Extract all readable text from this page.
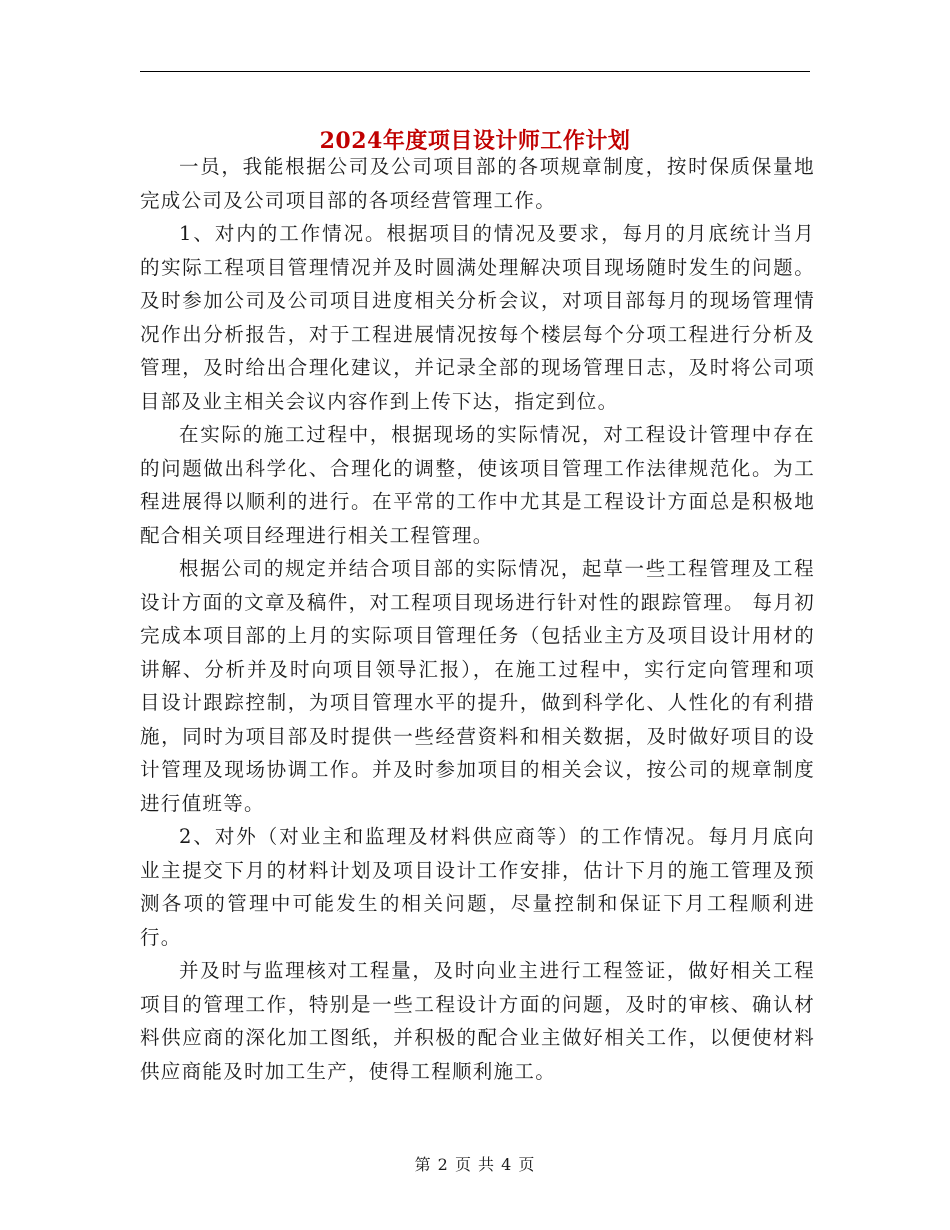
2024年度项目设计师工作计划

一员，我能根据公司及公司项目部的各项规章制度，按时保质保量地完成公司及公司项目部的各项经营管理工作。

1、对内的工作情况。根据项目的情况及要求，每月的月底统计当月的实际工程项目管理情况并及时圆满处理解决项目现场随时发生的问题。及时参加公司及公司项目进度相关分析会议，对项目部每月的现场管理情况作出分析报告，对于工程进展情况按每个楼层每个分项工程进行分析及管理，及时给出合理化建议，并记录全部的现场管理日志，及时将公司项目部及业主相关会议内容作到上传下达，指定到位。

在实际的施工过程中，根据现场的实际情况，对工程设计管理中存在的问题做出科学化、合理化的调整，使该项目管理工作法律规范化。为工程进展得以顺利的进行。在平常的工作中尤其是工程设计方面总是积极地配合相关项目经理进行相关工程管理。

根据公司的规定并结合项目部的实际情况，起草一些工程管理及工程设计方面的文章及稿件，对工程项目现场进行针对性的跟踪管理。 每月初完成本项目部的上月的实际项目管理任务（包括业主方及项目设计用材的讲解、分析并及时向项目领导汇报），在施工过程中，实行定向管理和项目设计跟踪控制，为项目管理水平的提升，做到科学化、人性化的有利措施，同时为项目部及时提供一些经营资料和相关数据，及时做好项目的设计管理及现场协调工作。并及时参加项目的相关会议，按公司的规章制度进行值班等。

2、对外（对业主和监理及材料供应商等）的工作情况。每月月底向业主提交下月的材料计划及项目设计工作安排，估计下月的施工管理及预测各项的管理中可能发生的相关问题，尽量控制和保证下月工程顺利进行。

并及时与监理核对工程量，及时向业主进行工程签证，做好相关工程项目的管理工作，特别是一些工程设计方面的问题，及时的审核、确认材料供应商的深化加工图纸，并积极的配合业主做好相关工作，以便使材料供应商能及时加工生产，使得工程顺利施工。

第 2 页 共 4 页
